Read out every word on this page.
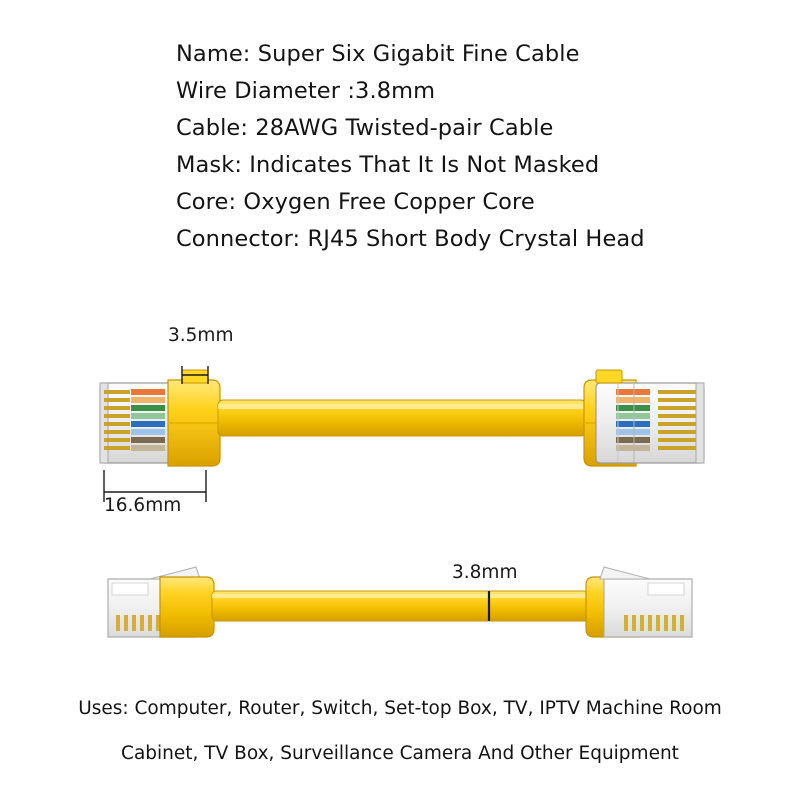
Name: Super Six Gigabit Fine Cable
Wire Diameter :3.8mm
Cable: 28AWG Twisted-pair Cable
Mask: Indicates That It Is Not Masked
Core: Oxygen Free Copper Core
Connector: RJ45 Short Body Crystal Head
3.5mm
16.6mm
3.8mm
Uses: Computer, Router, Switch, Set-top Box, TV, IPTV Machine Room
Cabinet, TV Box, Surveillance Camera And Other Equipment
